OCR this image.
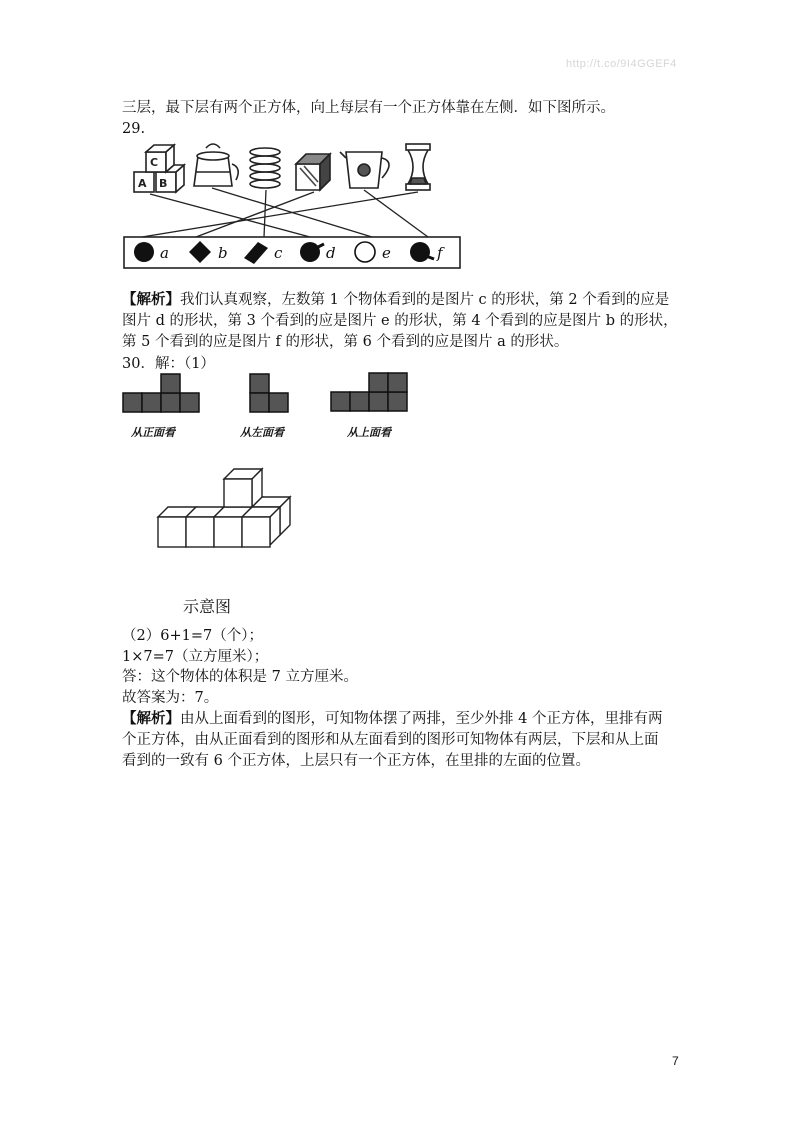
http://t.co/9I4GGEF4
三层，最下层有两个正方体，向上每层有一个正方体靠在左侧．如下图所示。
29.
A B
C
a	b	c	d	e	f
【解析】我们认真观察，左数第 1 个物体看到的是图片 c 的形状，第 2 个看到的应是
图片 d 的形状，第 3 个看到的应是图片 e 的形状，第 4 个看到的应是图片 b 的形状，
第 5 个看到的应是图片 f 的形状，第 6 个看到的应是图片 a 的形状。
30．解：（1）
从正面看	从左面看	从上面看
示意图
（2）6+1=7（个）；
1×7=7（立方厘米）；
答：这个物体的体积是 7 立方厘米。
故答案为：7。
【解析】由从上面看到的图形，可知物体摆了两排，至少外排 4 个正方体，里排有两
个正方体，由从正面看到的图形和从左面看到的图形可知物体有两层，下层和从上面
看到的一致有 6 个正方体，上层只有一个正方体，在里排的左面的位置。
7
